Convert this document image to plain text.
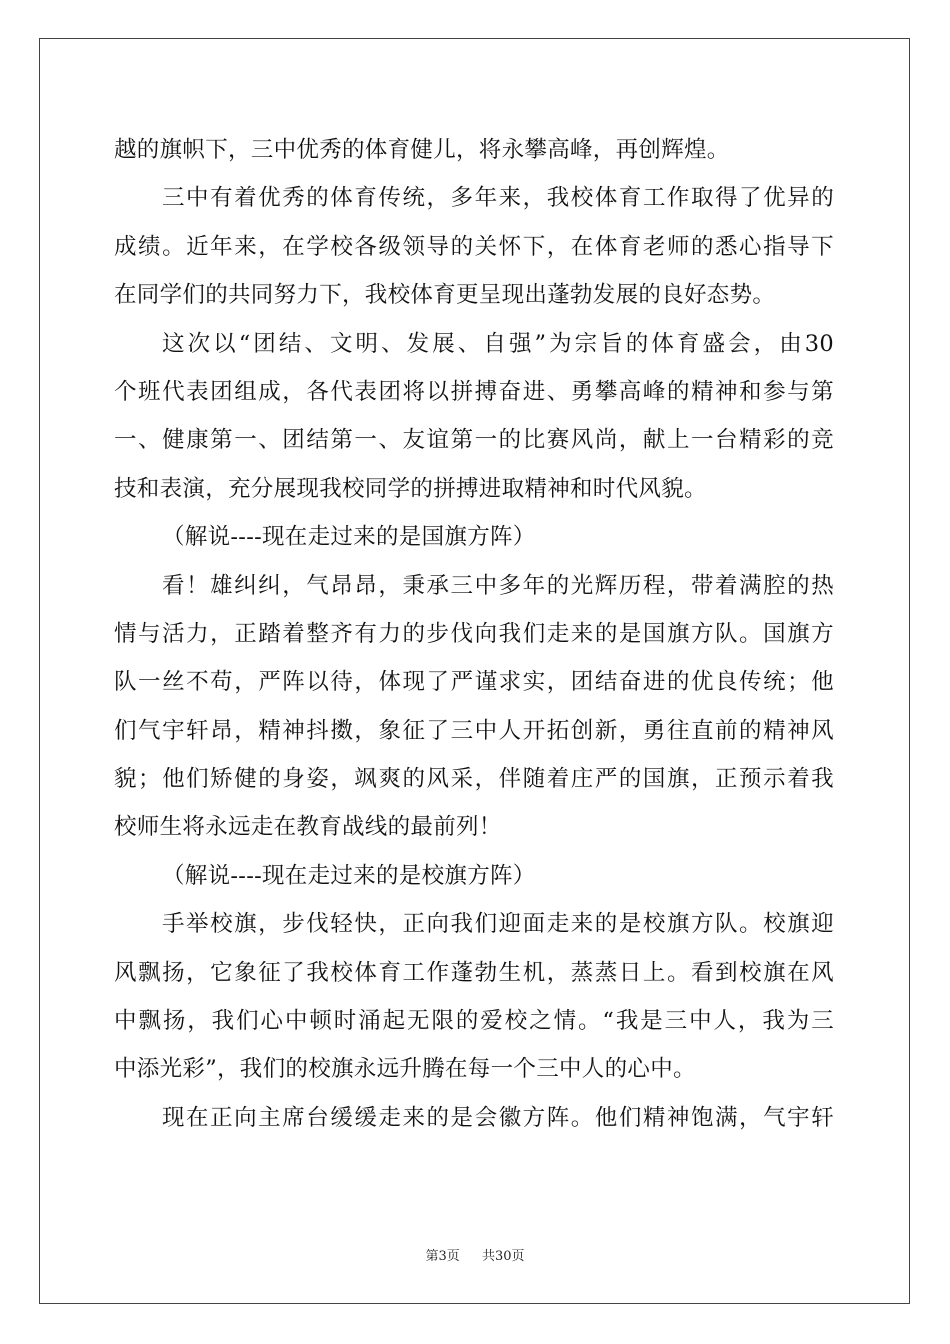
越的旗帜下，三中优秀的体育健儿，将永攀高峰，再创辉煌。
三中有着优秀的体育传统，多年来，我校体育工作取得了优异的
成绩。近年来，在学校各级领导的关怀下，在体育老师的悉心指导下
在同学们的共同努力下，我校体育更呈现出蓬勃发展的良好态势。
这次以“团结、文明、发展、自强”为宗旨的体育盛会，由30
个班代表团组成，各代表团将以拼搏奋进、勇攀高峰的精神和参与第
一、健康第一、团结第一、友谊第一的比赛风尚，献上一台精彩的竞
技和表演，充分展现我校同学的拼搏进取精神和时代风貌。
（解说----现在走过来的是国旗方阵）
看！雄纠纠，气昂昂，秉承三中多年的光辉历程，带着满腔的热
情与活力，正踏着整齐有力的步伐向我们走来的是国旗方队。国旗方
队一丝不苟，严阵以待，体现了严谨求实，团结奋进的优良传统；他
们气宇轩昂，精神抖擞，象征了三中人开拓创新，勇往直前的精神风
貌；他们矫健的身姿，飒爽的风采，伴随着庄严的国旗，正预示着我
校师生将永远走在教育战线的最前列！
（解说----现在走过来的是校旗方阵）
手举校旗，步伐轻快，正向我们迎面走来的是校旗方队。校旗迎
风飘扬，它象征了我校体育工作蓬勃生机，蒸蒸日上。看到校旗在风
中飘扬，我们心中顿时涌起无限的爱校之情。“我是三中人，我为三
中添光彩”，我们的校旗永远升腾在每一个三中人的心中。
现在正向主席台缓缓走来的是会徽方阵。他们精神饱满，气宇轩
第3页 共30页
